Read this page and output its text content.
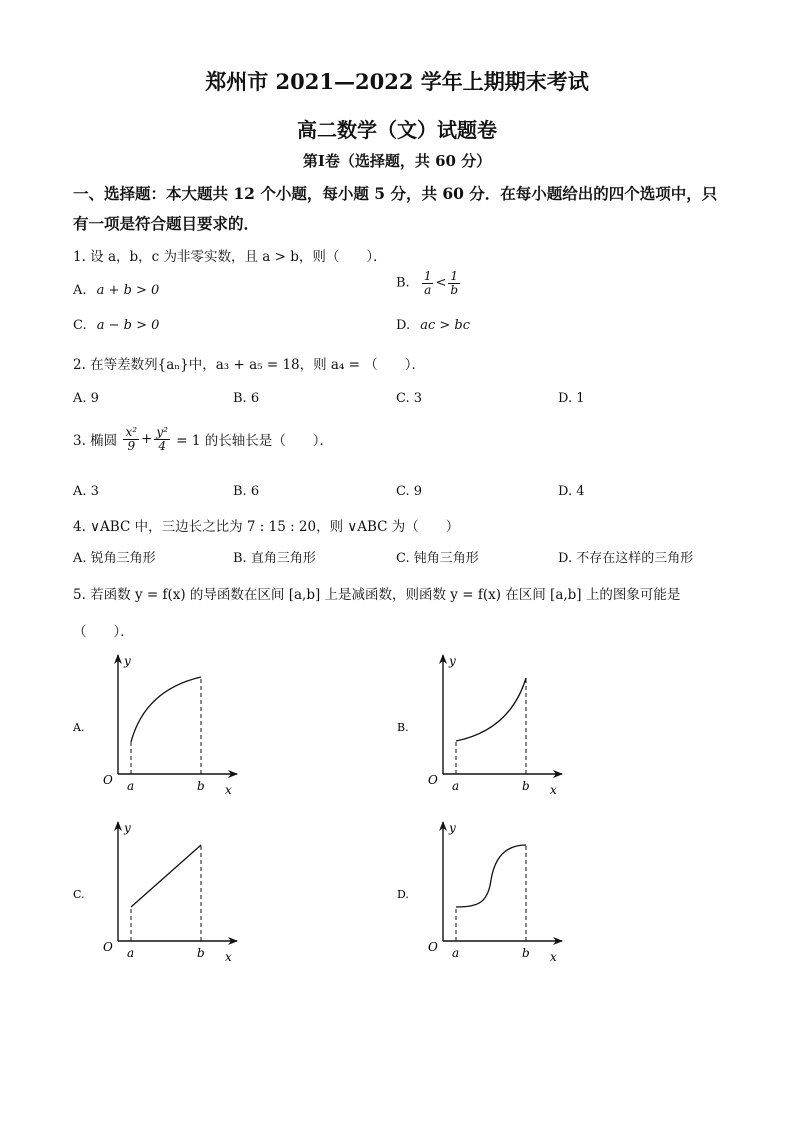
郑州市 2021—2022 学年上期期末考试
高二数学（文）试题卷
第Ⅰ卷（选择题，共 60 分）
一、选择题：本大题共 12 个小题，每小题 5 分，共 60 分．在每小题给出的四个选项中，只
有一项是符合题目要求的．
1. 设 a，b，c 为非零实数，且 a > b，则（　　）．
A. a + b > 0	B. $\frac{1}{a} < \frac{1}{b}$
C. a − b > 0	D. ac > bc
2. 在等差数列{aₙ}中，a₃ + a₅ = 18，则 a₄ = （　　）．
A. 9	B. 6	C. 3	D. 1
3. 椭圆 $\frac{\text{x²}}{9} + \frac{\text{y²}}{4} = 1$ 的长轴长是（　　）．
A. 3	B. 6	C. 9	D. 4
4. ∨ABC 中，三边长之比为 7 : 15 : 20，则 ∨ABC 为（　　）
A. 锐角三角形	B. 直角三角形	C. 钝角三角形	D. 不存在这样的三角形
5. 若函数 y = f(x) 的导函数在区间 [a,b] 上是减函数，则函数 y = f(x) 在区间 [a,b] 上的图象可能是
（　　）．
A.
O a	b x
y
B.
O a	b x
y
C.
O a	b x
y
D.
O a	b x
y
